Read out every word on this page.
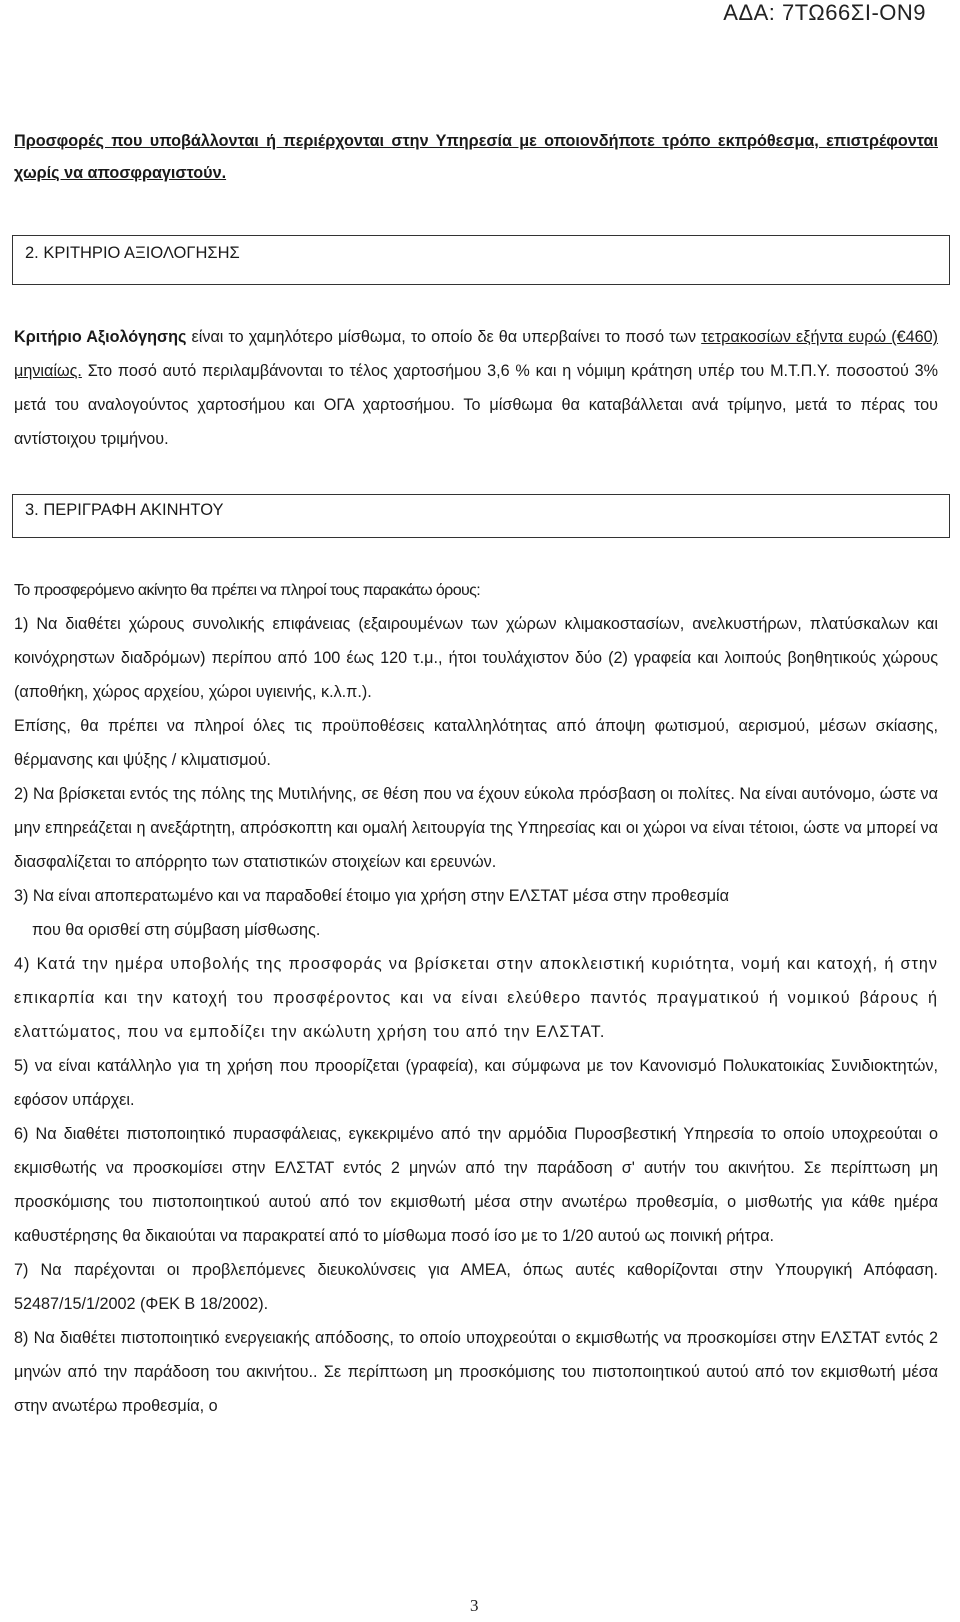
ΑΔΑ: 7ΤΩ66ΣΙ-ΟΝ9

Προσφορές που υποβάλλονται ή περιέρχονται στην Υπηρεσία με οποιονδήποτε τρόπο εκπρόθεσμα, επιστρέφονται χωρίς να αποσφραγιστούν.

2. ΚΡΙΤΗΡΙΟ ΑΞΙΟΛΟΓΗΣΗΣ

Κριτήριο Αξιολόγησης είναι το χαμηλότερο μίσθωμα, το οποίο δε θα υπερβαίνει το ποσό των τετρακοσίων εξήντα ευρώ (€460) μηνιαίως. Στο ποσό αυτό περιλαμβάνονται το τέλος χαρτοσήμου 3,6 % και η νόμιμη κράτηση υπέρ του Μ.Τ.Π.Υ. ποσοστού 3% μετά του αναλογούντος χαρτοσήμου και ΟΓΑ χαρτοσήμου. Το μίσθωμα θα καταβάλλεται ανά τρίμηνο, μετά το πέρας του αντίστοιχου τριμήνου.

3. ΠΕΡΙΓΡΑΦΗ ΑΚΙΝΗΤΟΥ

Το προσφερόμενο ακίνητο θα πρέπει να πληροί τους παρακάτω όρους:

1) Να διαθέτει χώρους συνολικής επιφάνειας (εξαιρουμένων των χώρων κλιμακοστασίων, ανελκυστήρων, πλατύσκαλων και κοινόχρηστων διαδρόμων) περίπου από 100 έως 120 τ.μ., ήτοι τουλάχιστον δύο (2) γραφεία και λοιπούς βοηθητικούς χώρους (αποθήκη, χώρος αρχείου, χώροι υγιεινής, κ.λ.π.).
Επίσης, θα πρέπει να πληροί όλες τις προϋποθέσεις καταλληλότητας από άποψη φωτισμού, αερισμού, μέσων σκίασης, θέρμανσης και ψύξης / κλιματισμού.
2) Να βρίσκεται εντός της πόλης της Μυτιλήνης, σε θέση που να έχουν εύκολα πρόσβαση οι πολίτες. Να είναι αυτόνομο, ώστε να μην επηρεάζεται η ανεξάρτητη, απρόσκοπτη και ομαλή λειτουργία της Υπηρεσίας και οι χώροι να είναι τέτοιοι, ώστε να μπορεί να διασφαλίζεται το απόρρητο των στατιστικών στοιχείων και ερευνών.
3) Να είναι αποπερατωμένο και να παραδοθεί έτοιμο για χρήση στην ΕΛΣΤΑΤ μέσα στην προθεσμία
που θα ορισθεί στη σύμβαση μίσθωσης.
4) Κατά την ημέρα υποβολής της προσφοράς να βρίσκεται στην αποκλειστική κυριότητα, νομή και κατοχή, ή στην επικαρπία και την κατοχή του προσφέροντος και να είναι ελεύθερο παντός πραγματικού ή νομικού βάρους ή ελαττώματος, που να εμποδίζει την ακώλυτη χρήση του από την ΕΛΣΤΑΤ.
5) να είναι κατάλληλο για τη χρήση που προορίζεται (γραφεία), και σύμφωνα με τον Κανονισμό Πολυκατοικίας Συνιδιοκτητών, εφόσον υπάρχει.
6) Να διαθέτει πιστοποιητικό πυρασφάλειας, εγκεκριμένο από την αρμόδια Πυροσβεστική Υπηρεσία το οποίο υποχρεούται ο εκμισθωτής να προσκομίσει στην ΕΛΣΤΑΤ εντός 2 μηνών από την παράδοση σ' αυτήν του ακινήτου. Σε περίπτωση μη προσκόμισης του πιστοποιητικού αυτού από τον εκμισθωτή μέσα στην ανωτέρω προθεσμία, ο μισθωτής για κάθε ημέρα καθυστέρησης θα δικαιούται να παρακρατεί από το μίσθωμα ποσό ίσο με το 1/20 αυτού ως ποινική ρήτρα.
7) Να παρέχονται οι προβλεπόμενες διευκολύνσεις για ΑΜΕΑ, όπως αυτές καθορίζονται στην Υπουργική Απόφαση. 52487/15/1/2002 (ΦΕΚ Β 18/2002).
8) Να διαθέτει πιστοποιητικό ενεργειακής απόδοσης, το οποίο υποχρεούται ο εκμισθωτής να προσκομίσει στην ΕΛΣΤΑΤ εντός 2 μηνών από την παράδοση του ακινήτου.. Σε περίπτωση μη προσκόμισης του πιστοποιητικού αυτού από τον εκμισθωτή μέσα στην ανωτέρω προθεσμία, ο
3
